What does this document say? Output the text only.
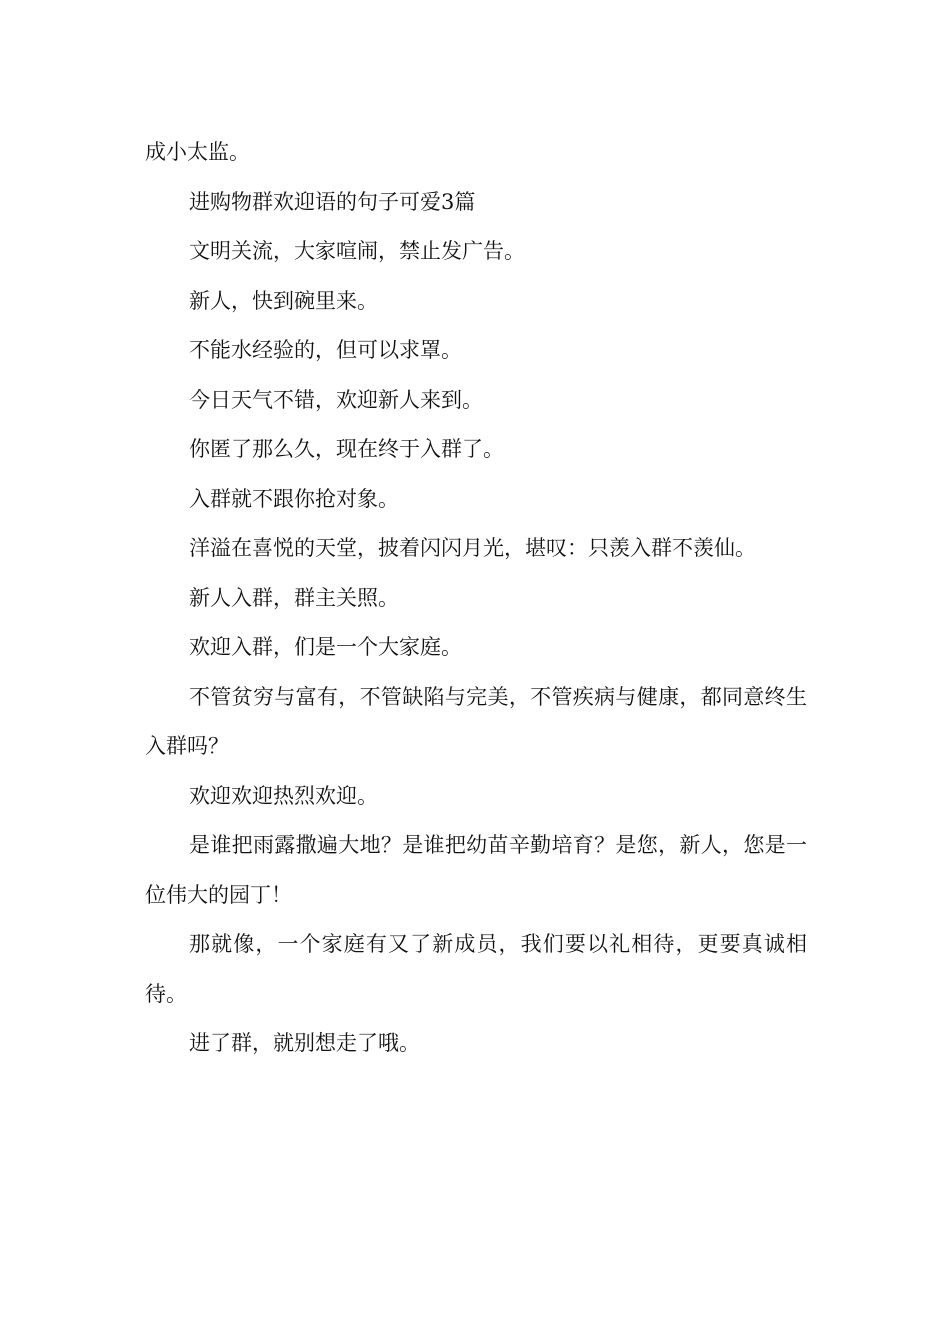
成小太监。

进购物群欢迎语的句子可爱3篇

文明关流，大家喧闹，禁止发广告。

新人，快到碗里来。

不能水经验的，但可以求罩。

今日天气不错，欢迎新人来到。

你匿了那么久，现在终于入群了。

入群就不跟你抢对象。

洋溢在喜悦的天堂，披着闪闪月光，堪叹：只羡入群不羡仙。

新人入群，群主关照。

欢迎入群，们是一个大家庭。

不管贫穷与富有，不管缺陷与完美，不管疾病与健康，都同意终生入群吗？

欢迎欢迎热烈欢迎。

是谁把雨露撒遍大地？是谁把幼苗辛勤培育？是您，新人，您是一位伟大的园丁！

那就像，一个家庭有又了新成员，我们要以礼相待，更要真诚相待。

进了群，就别想走了哦。
